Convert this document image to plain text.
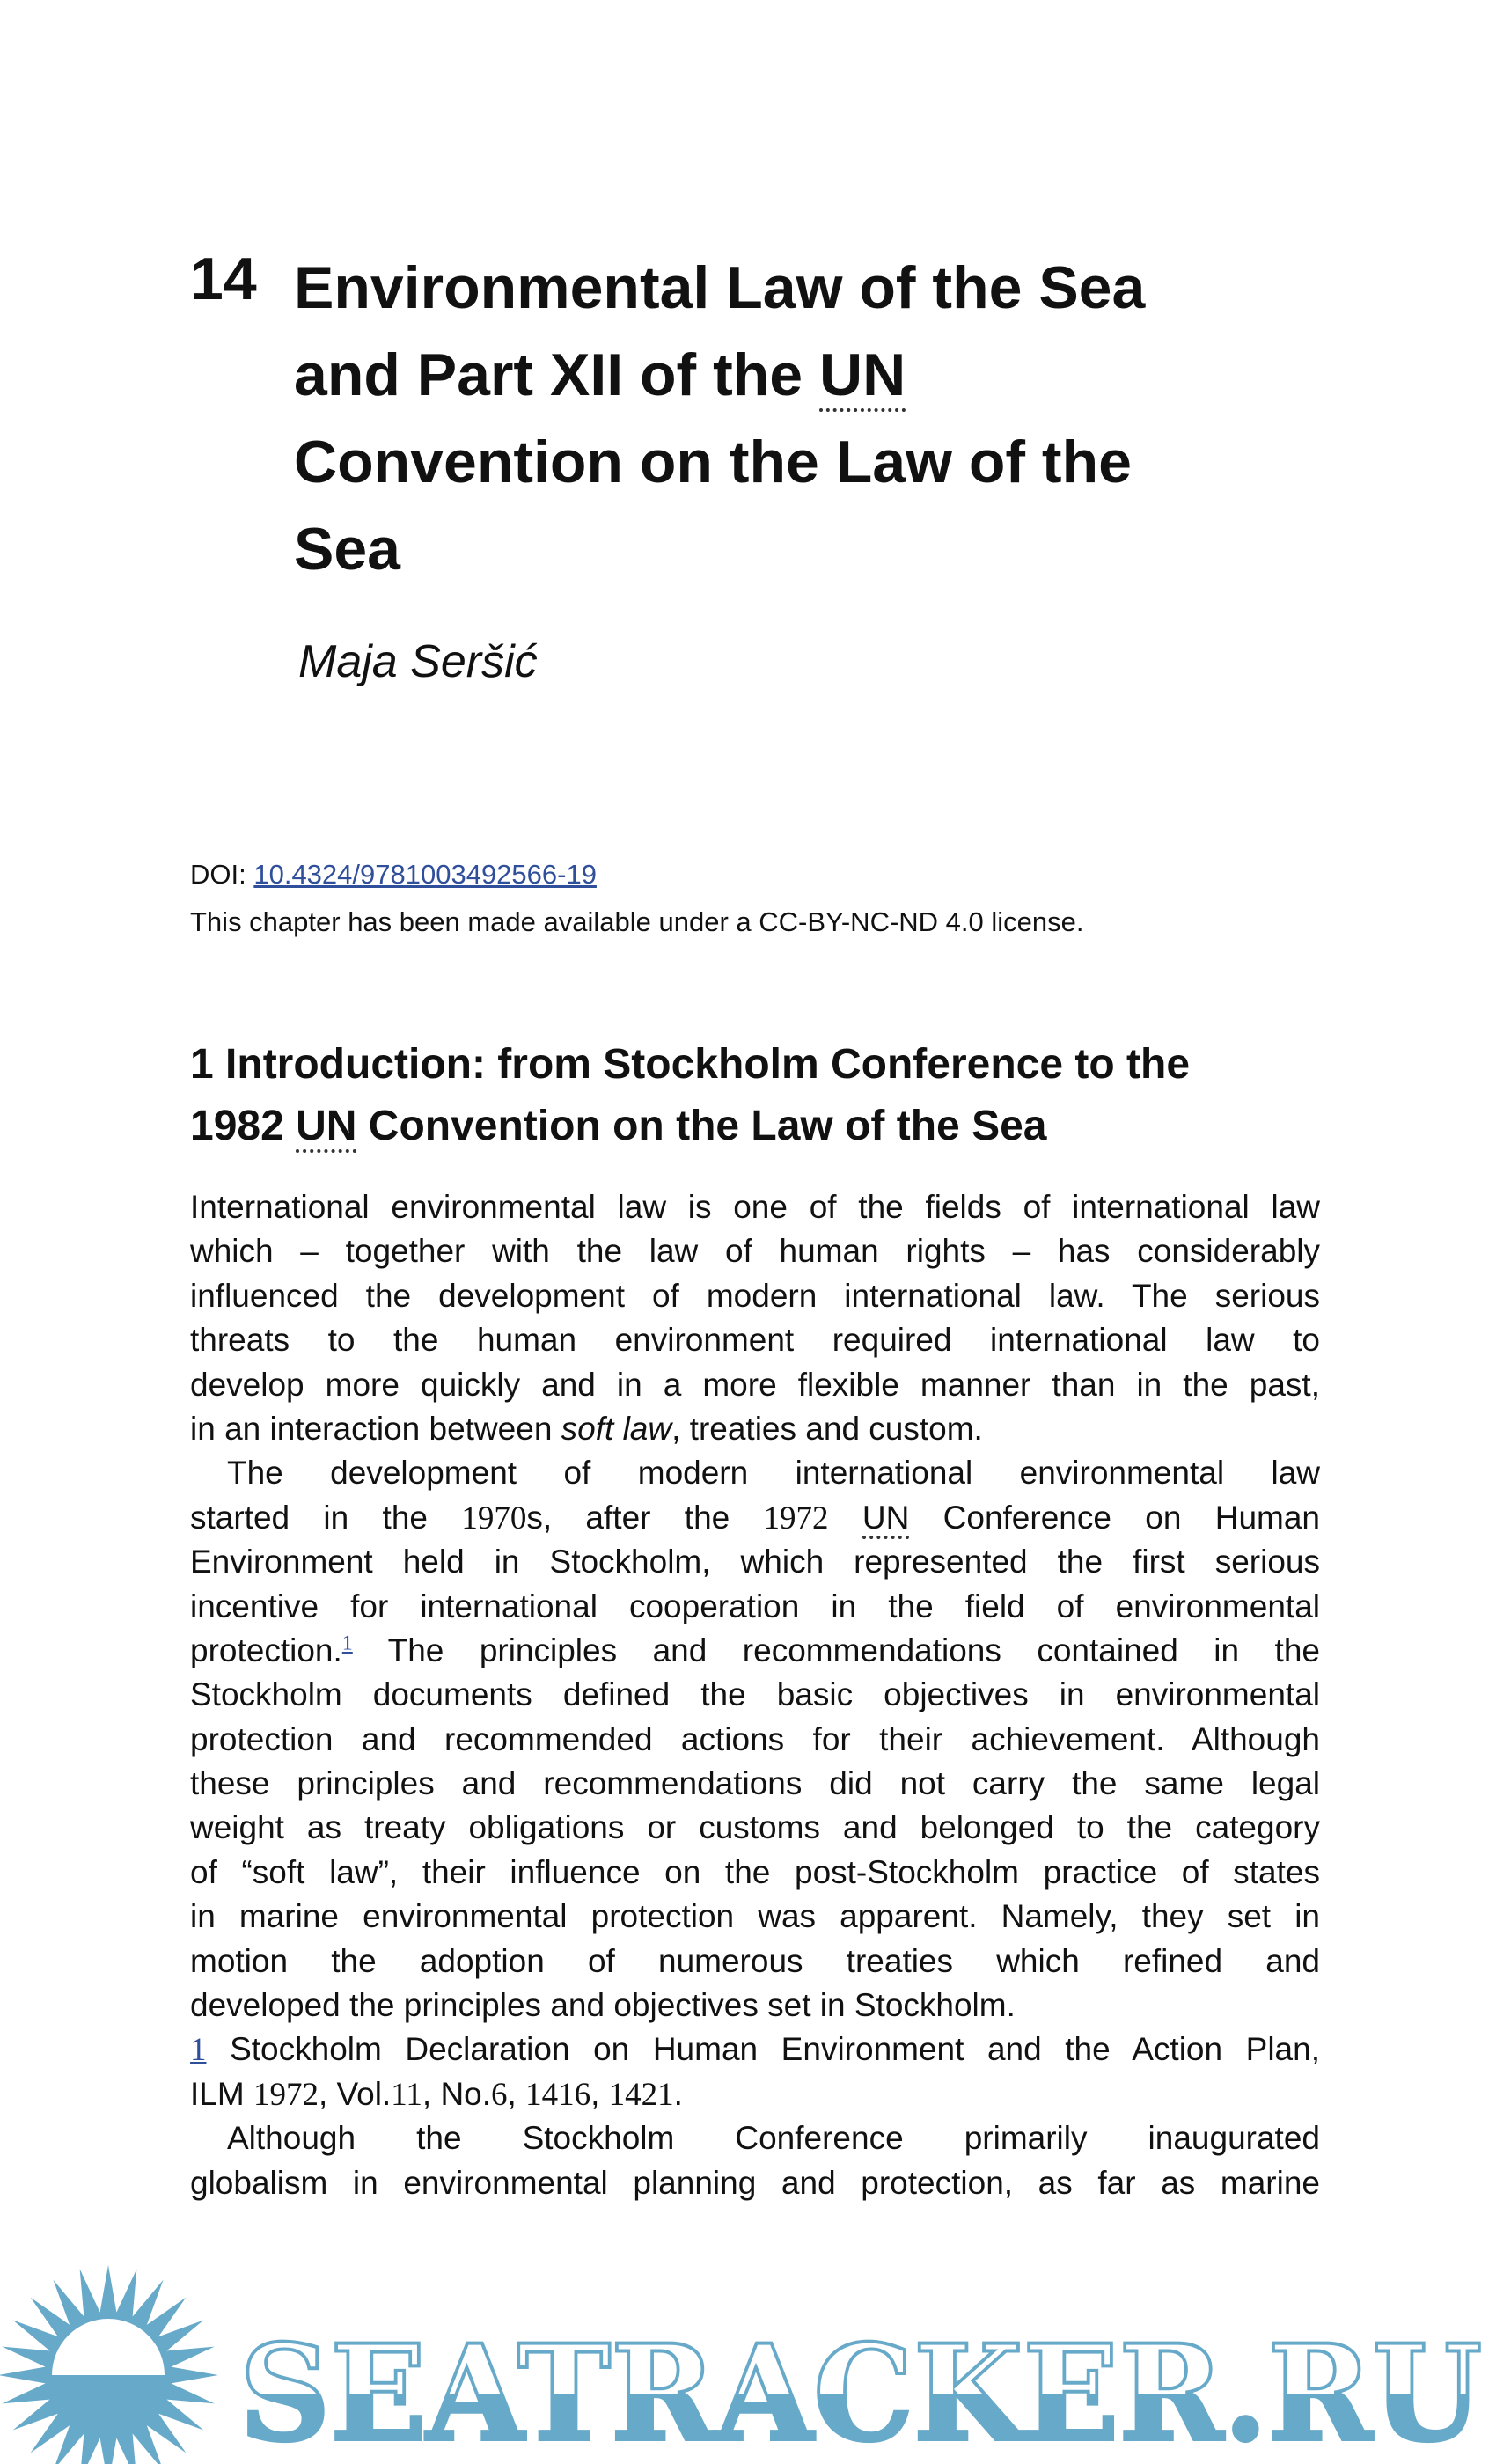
14 Environmental Law of the Sea
and Part XII of the UN
Convention on the Law of the
Sea
Maja Seršić
DOI: 10.4324/9781003492566-19
This chapter has been made available under a CC-BY-NC-ND 4.0 license.
1 Introduction: from Stockholm Conference to the
1982 UN Convention on the Law of the Sea
International environmental law is one of the fields of international law
which – together with the law of human rights – has considerably
influenced the development of modern international law. The serious
threats to the human environment required international law to
develop more quickly and in a more flexible manner than in the past,
in an interaction between soft law, treaties and custom.
The development of modern international environmental law
started in the 1970s, after the 1972 UN Conference on Human
Environment held in Stockholm, which represented the first serious
incentive for international cooperation in the field of environmental
protection.$^1$ The principles and recommendations contained in the
Stockholm documents defined the basic objectives in environmental
protection and recommended actions for their achievement. Although
these principles and recommendations did not carry the same legal
weight as treaty obligations or customs and belonged to the category
of “soft law”, their influence on the post-Stockholm practice of states
in marine environmental protection was apparent. Namely, they set in
motion the adoption of numerous treaties which refined and
developed the principles and objectives set in Stockholm.
1 Stockholm Declaration on Human Environment and the Action Plan,
ILM 1972, Vol.11, No.6, 1416, 1421.
Although the Stockholm Conference primarily inaugurated
globalism in environmental planning and protection, as far as marine
SEATRACKER.RU
